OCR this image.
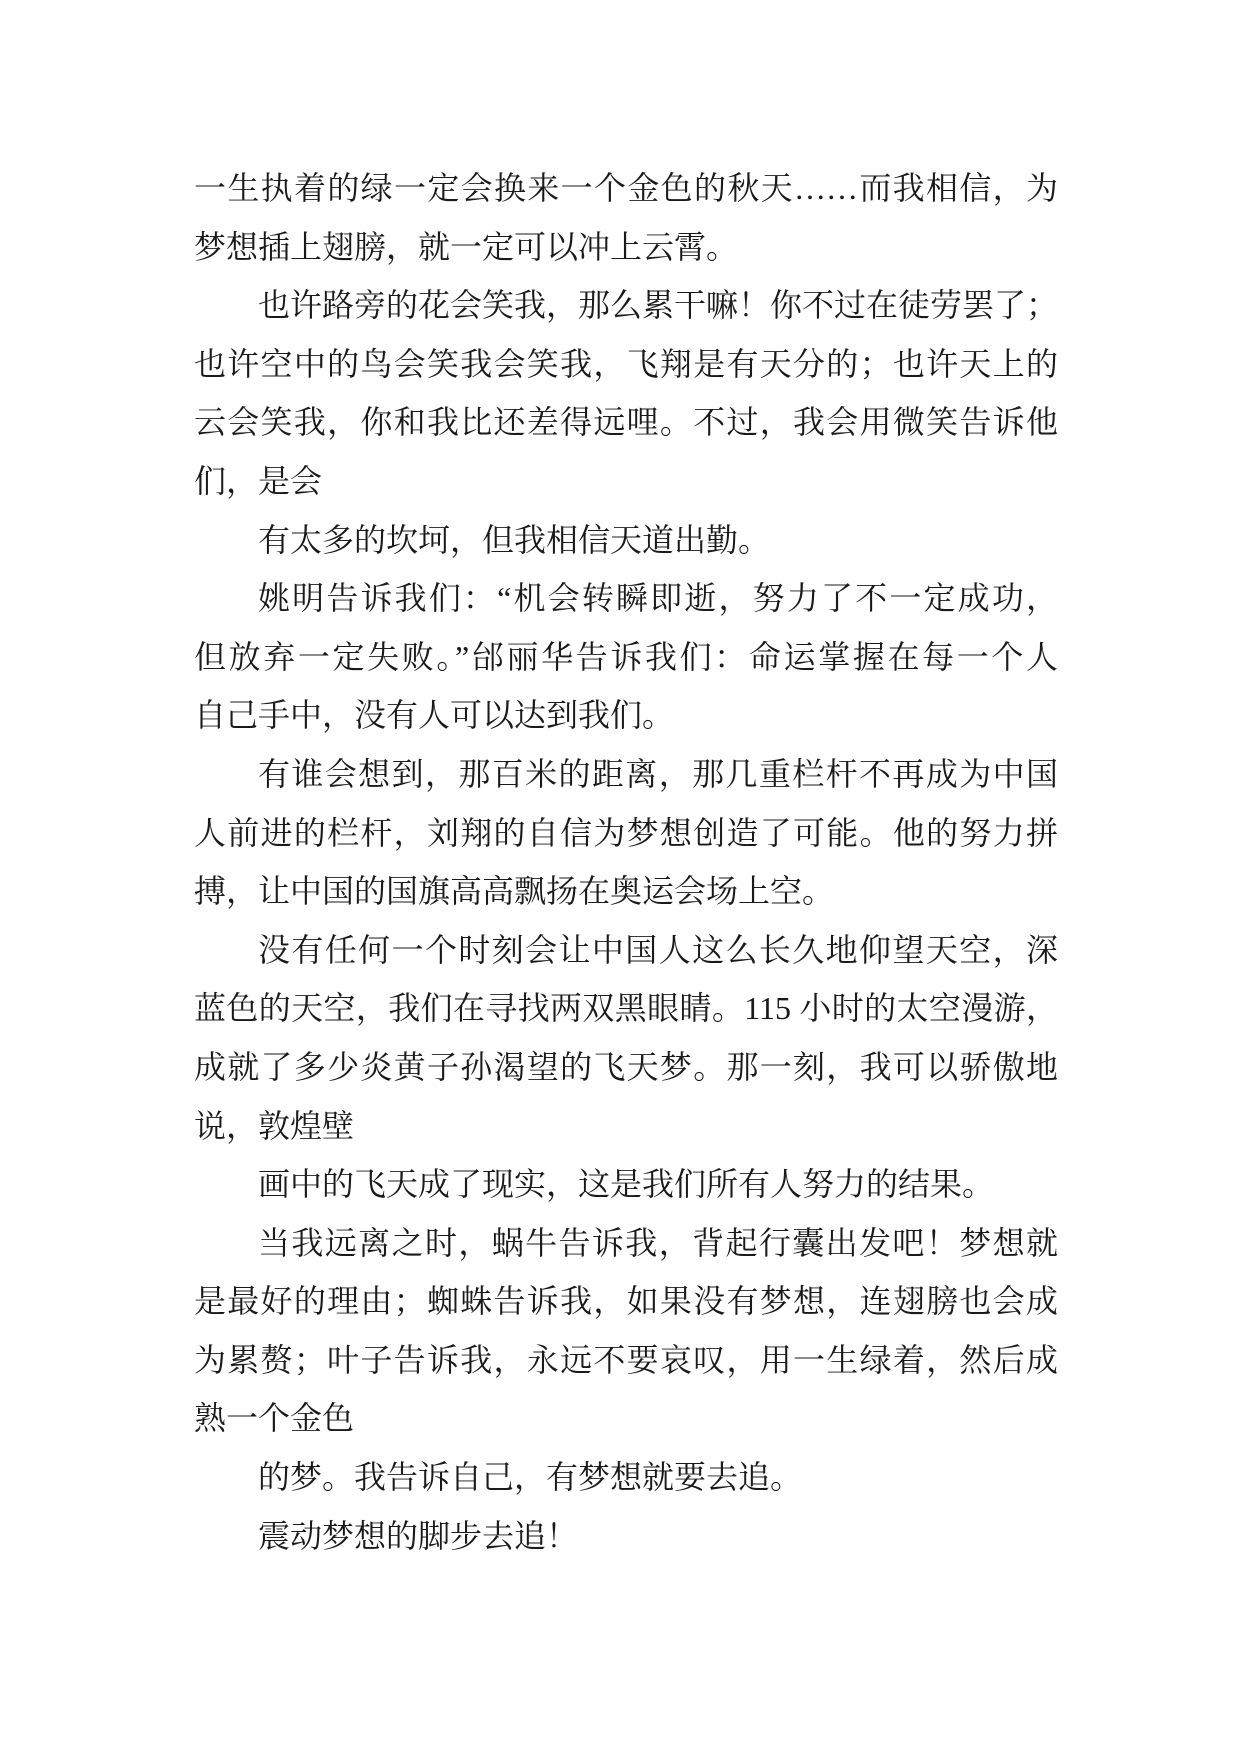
一生执着的绿一定会换来一个金色的秋天……而我相信，为
梦想插上翅膀，就一定可以冲上云霄。
也许路旁的花会笑我，那么累干嘛！你不过在徒劳罢了；
也许空中的鸟会笑我会笑我，飞翔是有天分的；也许天上的
云会笑我，你和我比还差得远哩。不过，我会用微笑告诉他
们，是会
有太多的坎坷，但我相信天道出勤。
姚明告诉我们：“机会转瞬即逝，努力了不一定成功，
但放弃一定失败。”邰丽华告诉我们：命运掌握在每一个人
自己手中，没有人可以达到我们。
有谁会想到，那百米的距离，那几重栏杆不再成为中国
人前进的栏杆，刘翔的自信为梦想创造了可能。他的努力拼
搏，让中国的国旗高高飘扬在奥运会场上空。
没有任何一个时刻会让中国人这么长久地仰望天空，深
蓝色的天空，我们在寻找两双黑眼睛。115 小时的太空漫游，
成就了多少炎黄子孙渴望的飞天梦。那一刻，我可以骄傲地
说，敦煌壁
画中的飞天成了现实，这是我们所有人努力的结果。
当我远离之时，蜗牛告诉我，背起行囊出发吧！梦想就
是最好的理由；蜘蛛告诉我，如果没有梦想，连翅膀也会成
为累赘；叶子告诉我，永远不要哀叹，用一生绿着，然后成
熟一个金色
的梦。我告诉自己，有梦想就要去追。
震动梦想的脚步去追！
